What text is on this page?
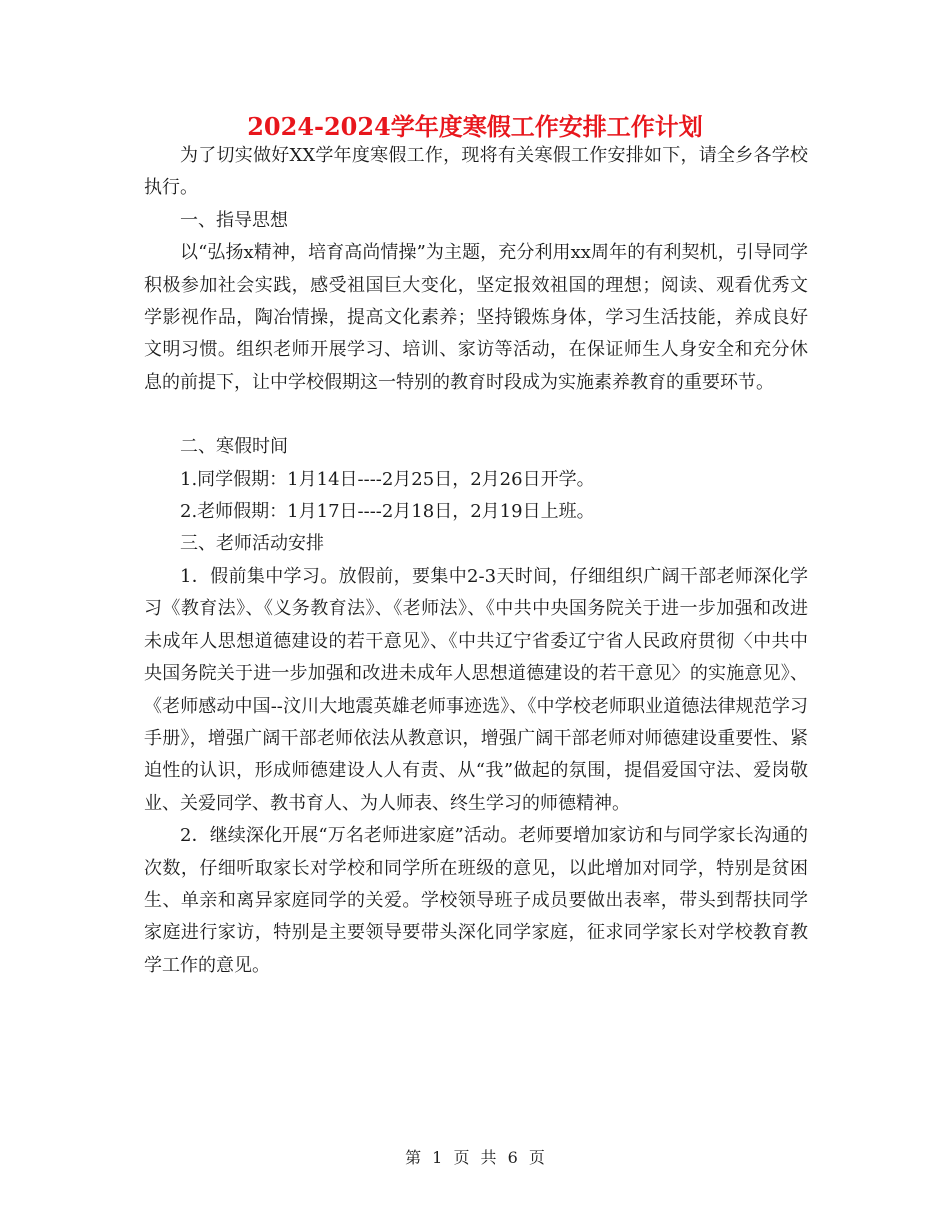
2024-2024学年度寒假工作安排工作计划

为了切实做好XX学年度寒假工作，现将有关寒假工作安排如下，请全乡各学校执行。

一、指导思想

以“弘扬x精神，培育高尚情操”为主题，充分利用xx周年的有利契机，引导同学积极参加社会实践，感受祖国巨大变化，坚定报效祖国的理想；阅读、观看优秀文学影视作品，陶冶情操，提高文化素养；坚持锻炼身体，学习生活技能，养成良好文明习惯。组织老师开展学习、培训、家访等活动，在保证师生人身安全和充分休息的前提下，让中学校假期这一特别的教育时段成为实施素养教育的重要环节。

二、寒假时间

1.同学假期：1月14日----2月25日，2月26日开学。

2.老师假期：1月17日----2月18日，2月19日上班。

三、老师活动安排

1．假前集中学习。放假前，要集中2-3天时间，仔细组织广阔干部老师深化学习《教育法》、《义务教育法》、《老师法》、《中共中央国务院关于进一步加强和改进未成年人思想道德建设的若干意见》、《中共辽宁省委辽宁省人民政府贯彻〈中共中央国务院关于进一步加强和改进未成年人思想道德建设的若干意见〉的实施意见》、《老师感动中国--汶川大地震英雄老师事迹选》、《中学校老师职业道德法律规范学习手册》，增强广阔干部老师依法从教意识，增强广阔干部老师对师德建设重要性、紧迫性的认识，形成师德建设人人有责、从“我”做起的氛围，提倡爱国守法、爱岗敬业、关爱同学、教书育人、为人师表、终生学习的师德精神。

2．继续深化开展“万名老师进家庭”活动。老师要增加家访和与同学家长沟通的次数，仔细听取家长对学校和同学所在班级的意见，以此增加对同学，特别是贫困生、单亲和离异家庭同学的关爱。学校领导班子成员要做出表率，带头到帮扶同学家庭进行家访，特别是主要领导要带头深化同学家庭，征求同学家长对学校教育教学工作的意见。

第 1 页 共 6 页
